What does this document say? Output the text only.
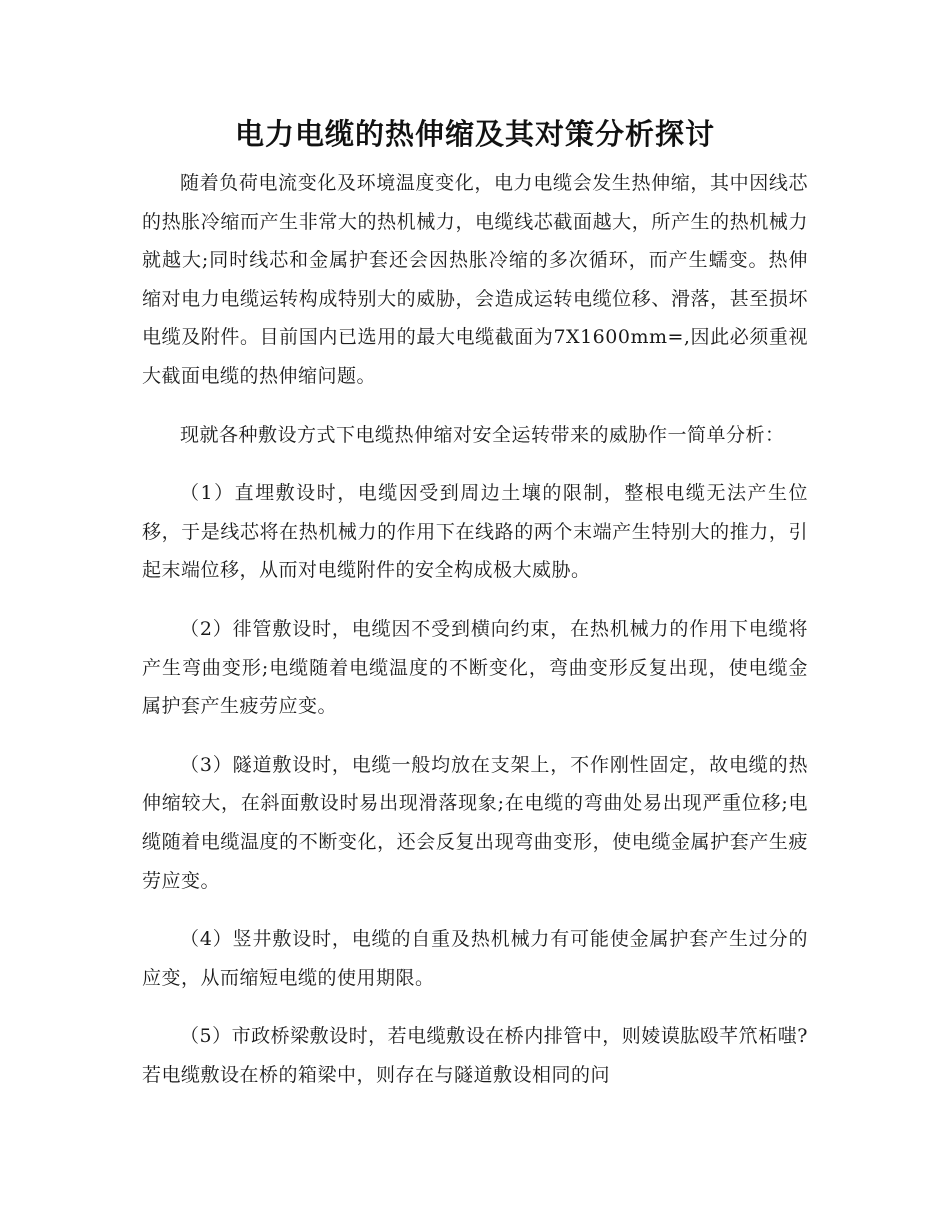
电力电缆的热伸缩及其对策分析探讨

随着负荷电流变化及环境温度变化，电力电缆会发生热伸缩，其中因线芯的热胀冷缩而产生非常大的热机械力，电缆线芯截面越大，所产生的热机械力就越大;同时线芯和金属护套还会因热胀冷缩的多次循环，而产生蠕变。热伸缩对电力电缆运转构成特别大的威胁，会造成运转电缆位移、滑落，甚至损坏电缆及附件。目前国内已选用的最大电缆截面为7X1600mm=,因此必须重视大截面电缆的热伸缩问题。

现就各种敷设方式下电缆热伸缩对安全运转带来的威胁作一简单分析：

（1）直埋敷设时，电缆因受到周边土壤的限制，整根电缆无法产生位移，于是线芯将在热机械力的作用下在线路的两个末端产生特别大的推力，引起末端位移，从而对电缆附件的安全构成极大威胁。

（2）徘管敷设时，电缆因不受到横向约束，在热机械力的作用下电缆将产生弯曲变形;电缆随着电缆温度的不断变化，弯曲变形反复出现，使电缆金属护套产生疲劳应变。

（3）隧道敷设时，电缆一般均放在支架上，不作刚性固定，故电缆的热伸缩较大，在斜面敷设时易出现滑落现象;在电缆的弯曲处易出现严重位移;电缆随着电缆温度的不断变化，还会反复出现弯曲变形，使电缆金属护套产生疲劳应变。

（4）竖井敷设时，电缆的自重及热机械力有可能使金属护套产生过分的应变，从而缩短电缆的使用期限。

（5）市政桥梁敷设时，若电缆敷设在桥内排管中，则婈谟肱殴芊笊柘嗤?若电缆敷设在桥的箱梁中，则存在与隧道敷设相同的问
